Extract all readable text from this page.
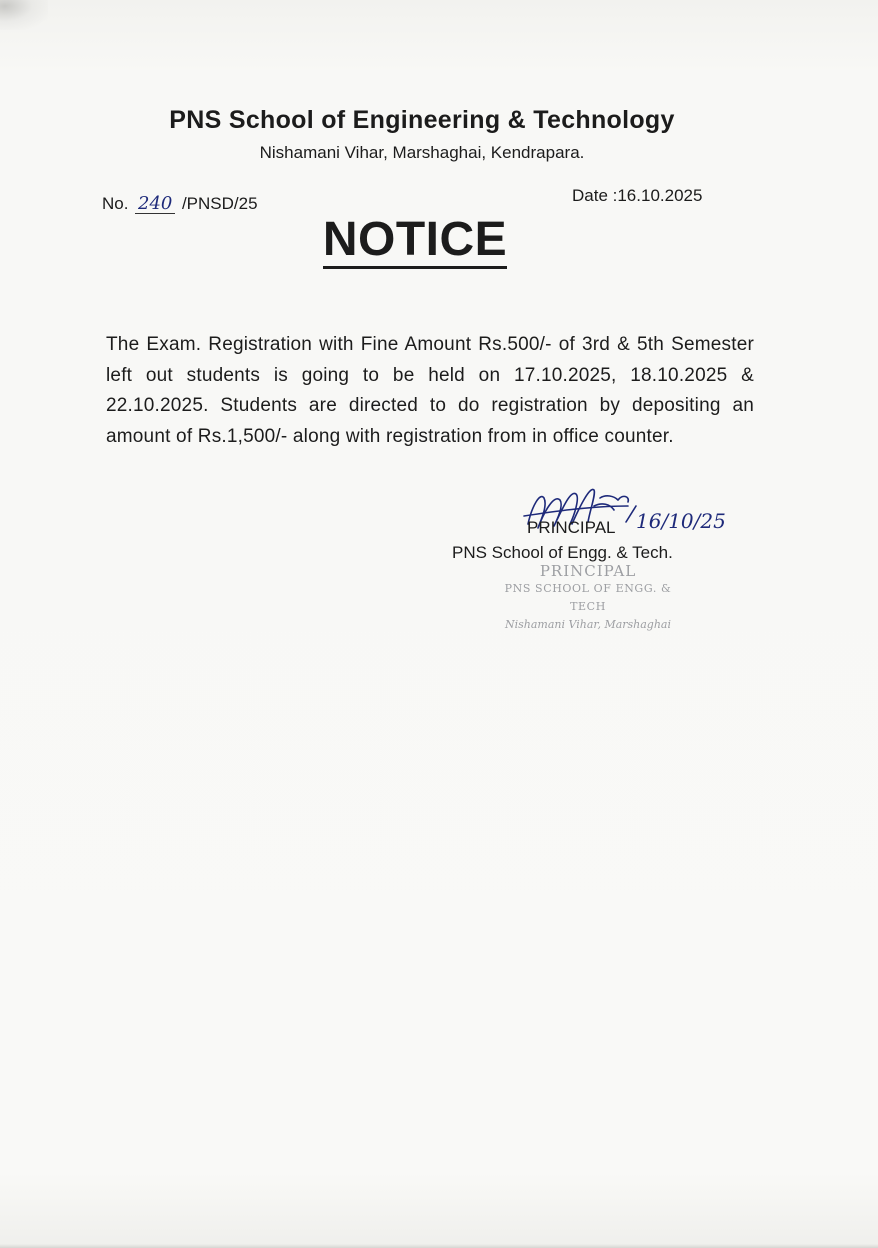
PNS School of Engineering & Technology
Nishamani Vihar, Marshaghai, Kendrapara.
No. 240 /PNSD/25	Date :16.10.2025
NOTICE
The Exam. Registration with Fine Amount Rs.500/- of 3rd & 5th Semester left out students is going to be held on 17.10.2025, 18.10.2025 & 22.10.2025. Students are directed to do registration by depositing an amount of Rs.1,500/- along with registration from in office counter.
16/10/25
PRINCIPAL
PNS School of Engg. & Tech.
PRINCIPAL
PNS SCHOOL OF ENGG. & TECH
Nishamani Vihar, Marshaghai
